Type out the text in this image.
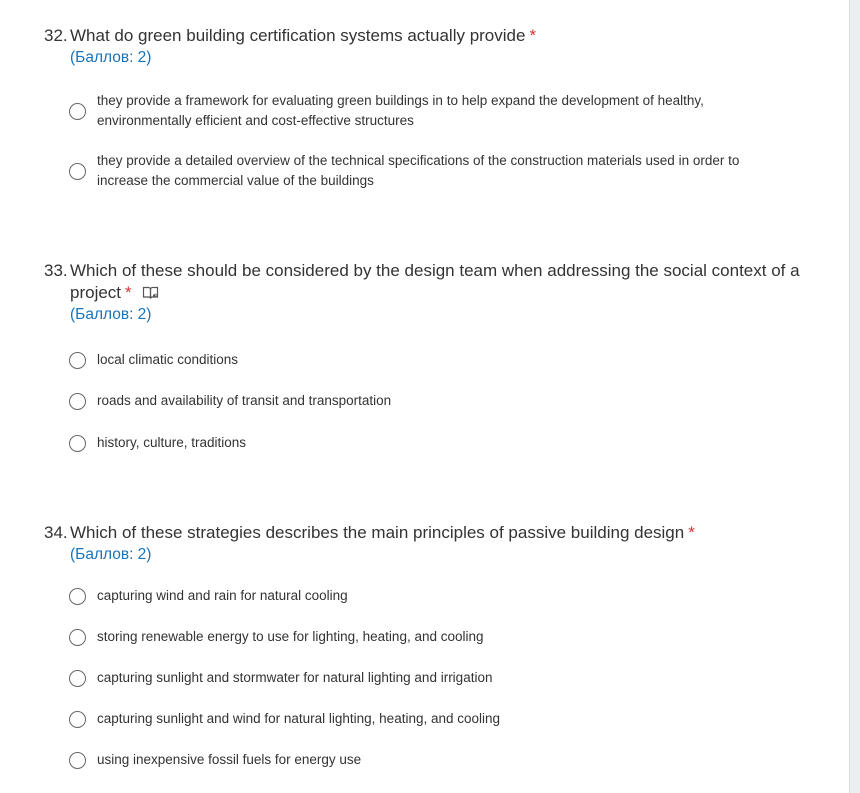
32. What do green building certification systems actually provide *
(Баллов: 2)
they provide a framework for evaluating green buildings in to help expand the development of healthy, environmentally efficient and cost-effective structures
they provide a detailed overview of the technical specifications of the construction materials used in order to increase the commercial value of the buildings
33. Which of these should be considered by the design team when addressing the social context of a project *
(Баллов: 2)
local climatic conditions
roads and availability of transit and transportation
history, culture, traditions
34. Which of these strategies describes the main principles of passive building design *
(Баллов: 2)
capturing wind and rain for natural cooling
storing renewable energy to use for lighting, heating, and cooling
capturing sunlight and stormwater for natural lighting and irrigation
capturing sunlight and wind for natural lighting, heating, and cooling
using inexpensive fossil fuels for energy use
